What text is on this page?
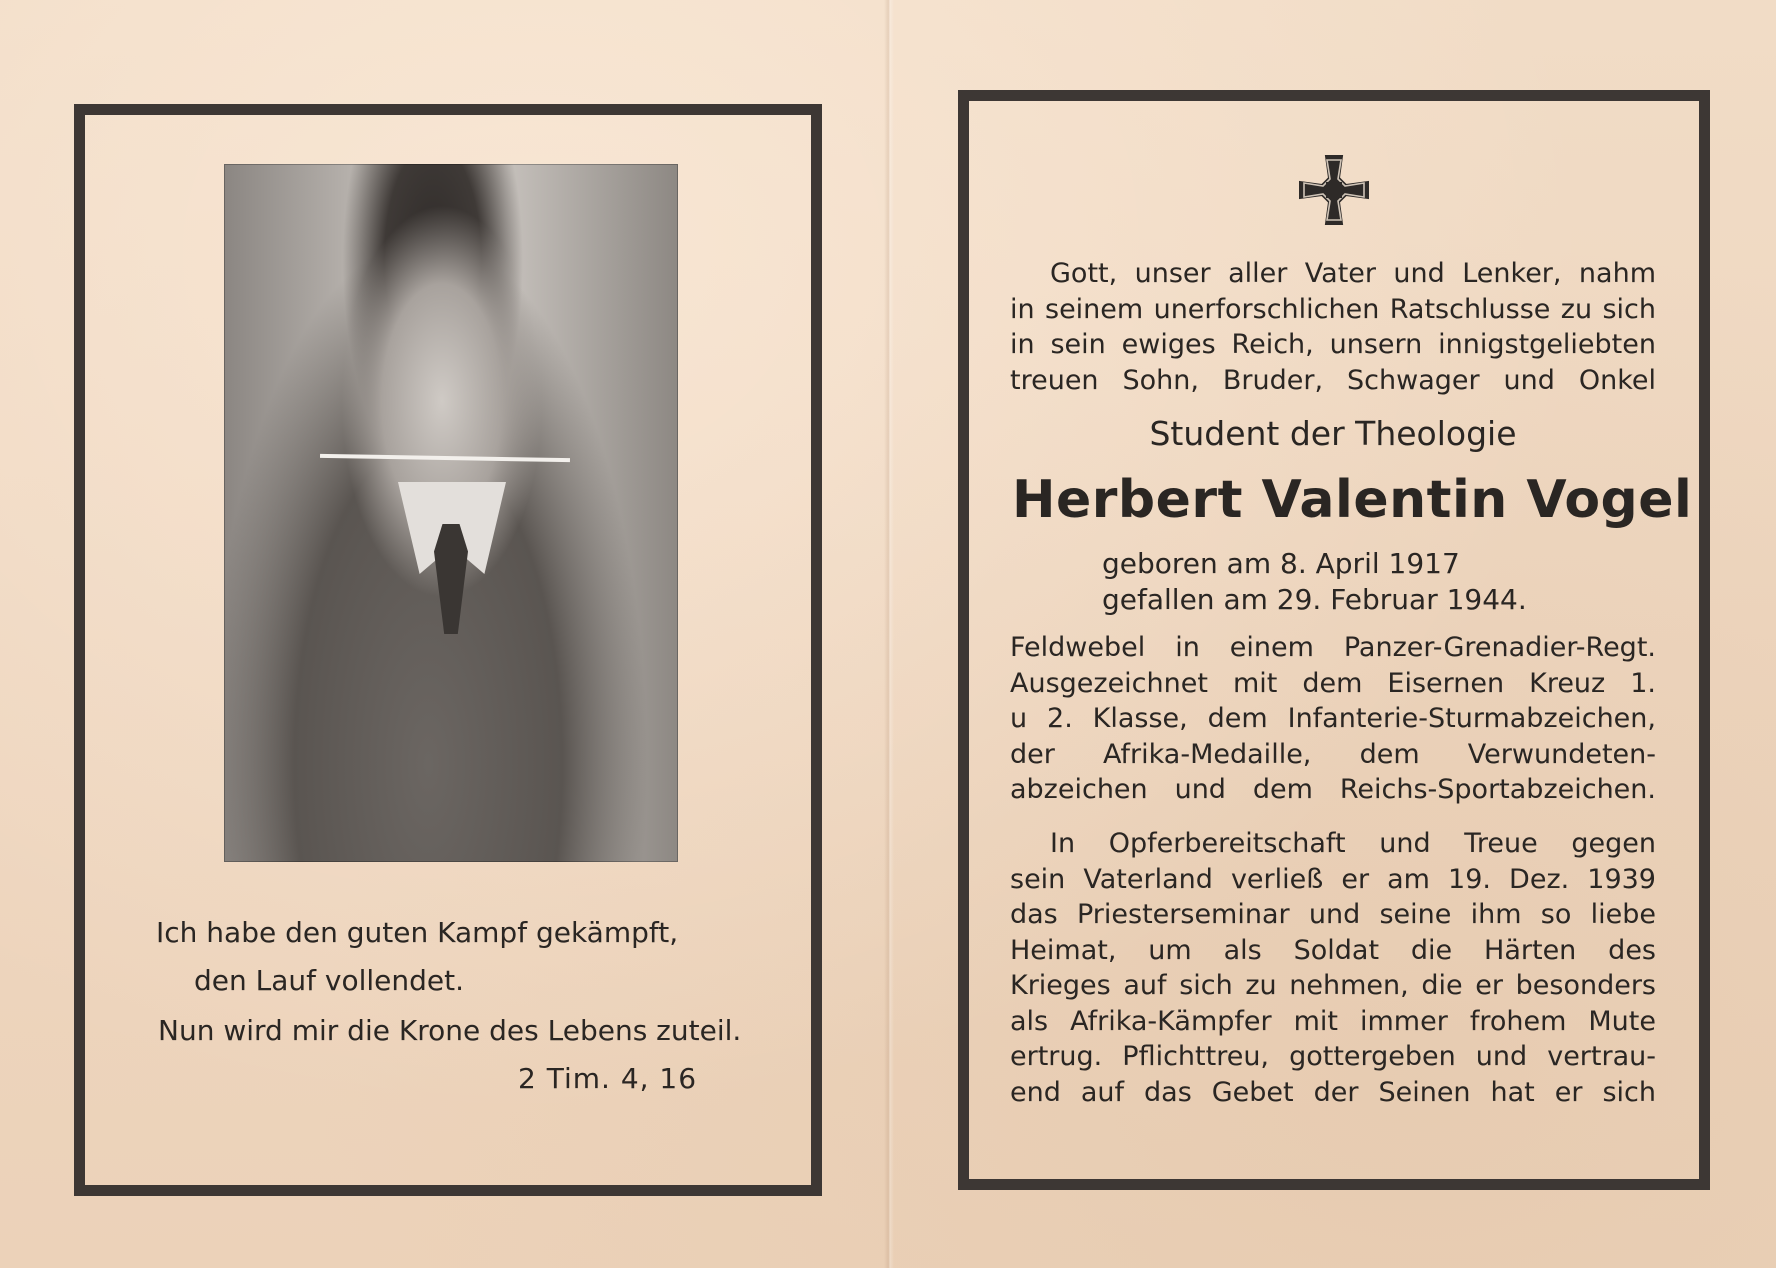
Ich habe den guten Kampf gekämpft,
den Lauf vollendet.
Nun wird mir die Krone des Lebens zuteil.
2 Tim. 4, 16
Gott, unser aller Vater und Lenker, nahm
in seinem unerforschlichen Ratschlusse zu sich
in sein ewiges Reich, unsern innigstgeliebten
treuen Sohn, Bruder, Schwager und Onkel
Student der Theologie
Herbert Valentin Vogel
geboren am 8. April 1917
gefallen am 29. Februar 1944.
Feldwebel in einem Panzer-Grenadier-Regt.
Ausgezeichnet mit dem Eisernen Kreuz 1.
u 2. Klasse, dem Infanterie-Sturmabzeichen,
der Afrika-Medaille, dem Verwundeten-
abzeichen und dem Reichs-Sportabzeichen.
In Opferbereitschaft und Treue gegen
sein Vaterland verließ er am 19. Dez. 1939
das Priesterseminar und seine ihm so liebe
Heimat, um als Soldat die Härten des
Krieges auf sich zu nehmen, die er besonders
als Afrika-Kämpfer mit immer frohem Mute
ertrug. Pflichttreu, gottergeben und vertrau-
end auf das Gebet der Seinen hat er sich
